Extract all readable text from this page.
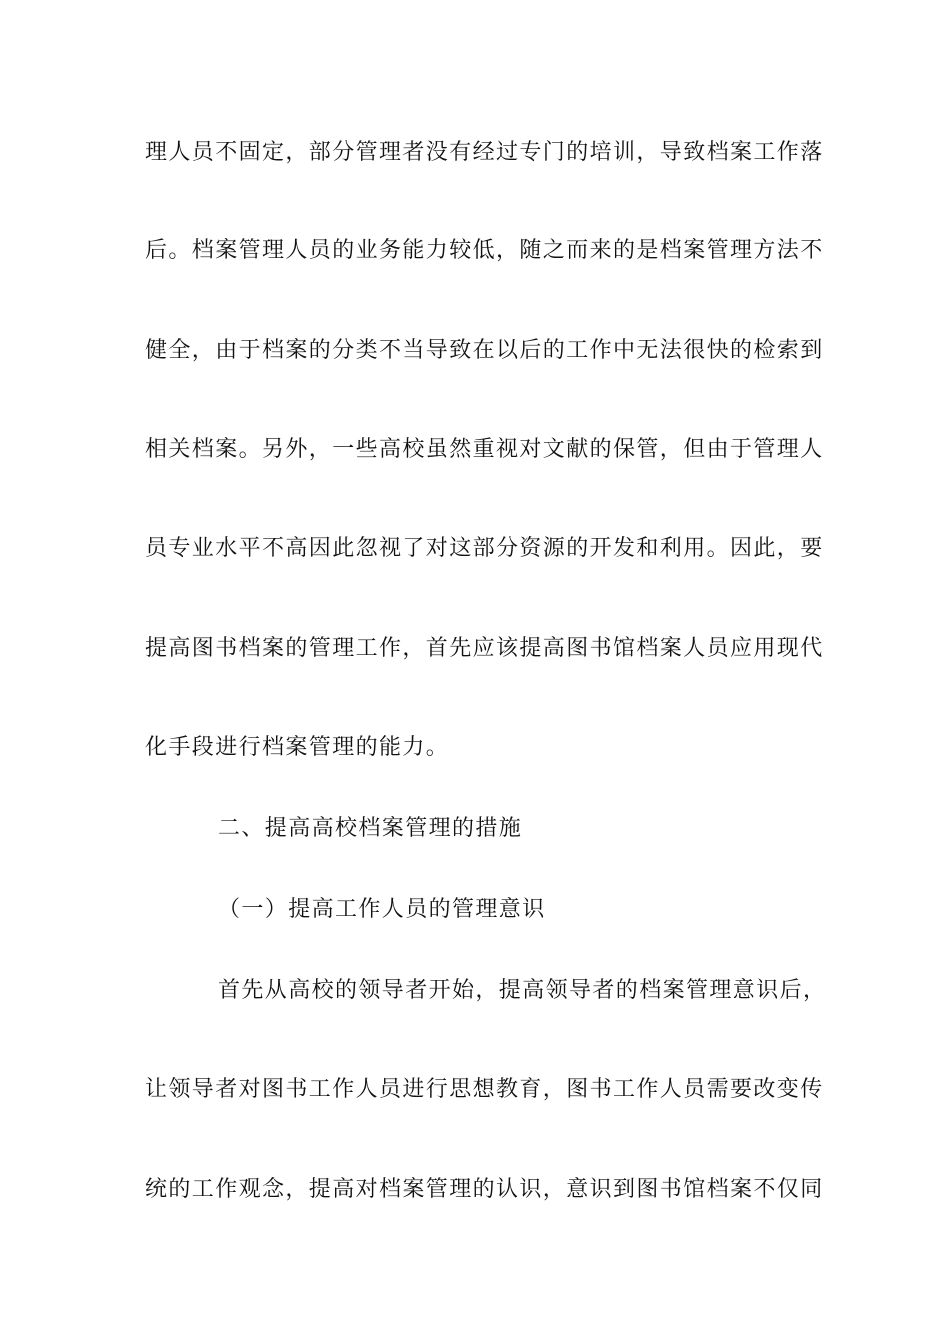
理人员不固定，部分管理者没有经过专门的培训，导致档案工作落
后。档案管理人员的业务能力较低，随之而来的是档案管理方法不
健全，由于档案的分类不当导致在以后的工作中无法很快的检索到
相关档案。另外，一些高校虽然重视对文献的保管，但由于管理人
员专业水平不高因此忽视了对这部分资源的开发和利用。因此，要
提高图书档案的管理工作，首先应该提高图书馆档案人员应用现代
化手段进行档案管理的能力。
二、提高高校档案管理的措施
（一）提高工作人员的管理意识
首先从高校的领导者开始，提高领导者的档案管理意识后，
让领导者对图书工作人员进行思想教育，图书工作人员需要改变传
统的工作观念，提高对档案管理的认识，意识到图书馆档案不仅同
